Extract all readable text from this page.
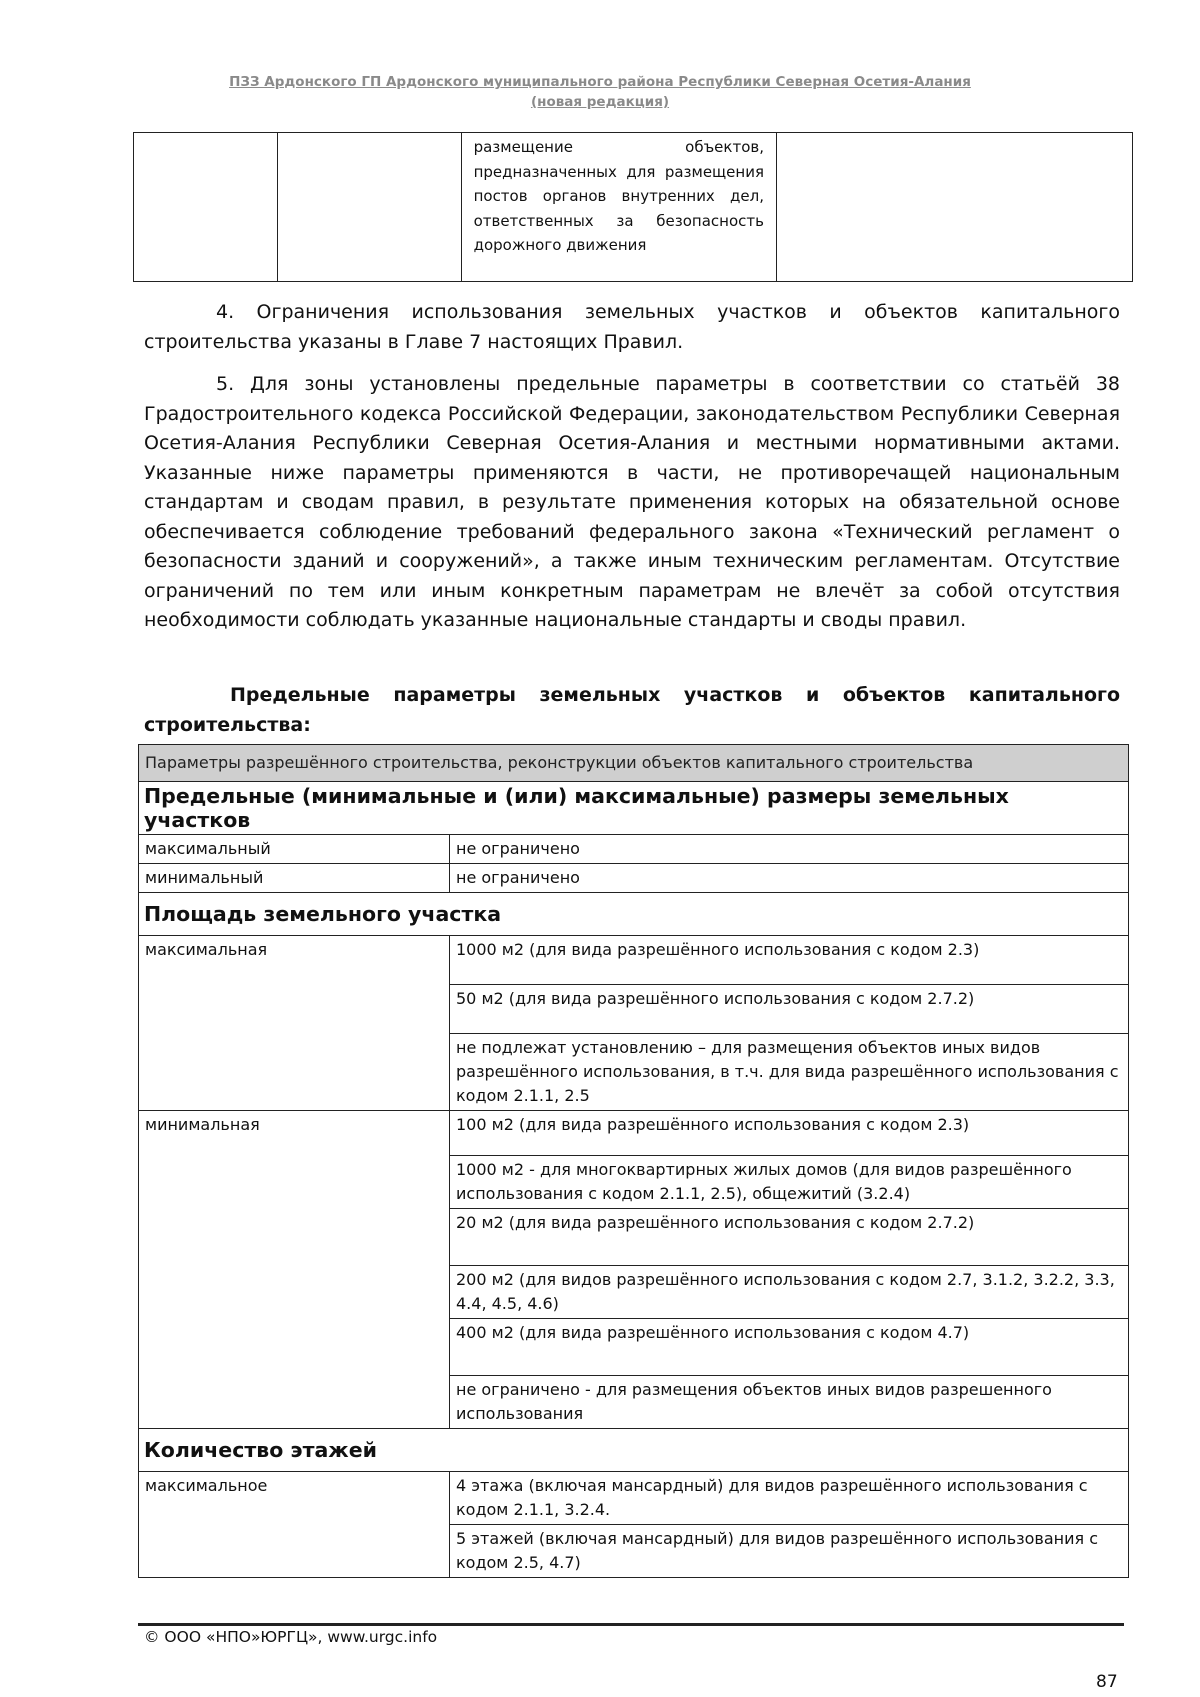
ПЗЗ Ардонского ГП Ардонского муниципального района Республики Северная Осетия-Алания
(новая редакция)

размещение объектов, предназначенных для размещения постов органов внутренних дел, ответственных за безопасность дорожного движения

4. Ограничения использования земельных участков и объектов капитального строительства указаны в Главе 7 настоящих Правил.

5. Для зоны установлены предельные параметры в соответствии со статьёй 38 Градостроительного кодекса Российской Федерации, законодательством Республики Северная Осетия-Алания Республики Северная Осетия-Алания и местными нормативными актами. Указанные ниже параметры применяются в части, не противоречащей национальным стандартам и сводам правил, в результате применения которых на обязательной основе обеспечивается соблюдение требований федерального закона «Технический регламент о безопасности зданий и сооружений», а также иным техническим регламентам. Отсутствие ограничений по тем или иным конкретным параметрам не влечёт за собой отсутствия необходимости соблюдать указанные национальные стандарты и своды правил.

Предельные параметры земельных участков и объектов капитального строительства:

Параметры разрешённого строительства, реконструкции объектов капитального строительства	
Предельные (минимальные и (или) максимальные) размеры земельных участков	
максимальный	не ограничено
минимальный	не ограничено
Площадь земельного участка	
максимальная	1000 м2 (для вида разрешённого использования с кодом 2.3)
	50 м2 (для вида разрешённого использования с кодом 2.7.2)
	не подлежат установлению – для размещения объектов иных видов разрешённого использования, в т.ч. для вида разрешённого использования с кодом 2.1.1, 2.5
минимальная	100 м2 (для вида разрешённого использования с кодом 2.3)
	1000 м2 - для многоквартирных жилых домов (для видов разрешённого использования с кодом 2.1.1, 2.5), общежитий (3.2.4)
	20 м2 (для вида разрешённого использования с кодом 2.7.2)
	200 м2 (для видов разрешённого использования с кодом 2.7, 3.1.2, 3.2.2, 3.3, 4.4, 4.5, 4.6)
	400 м2 (для вида разрешённого использования с кодом 4.7)
	не ограничено - для размещения объектов иных видов разрешенного использования
Количество этажей	
максимальное	4 этажа (включая мансардный) для видов разрешённого использования с кодом 2.1.1, 3.2.4.
	5 этажей (включая мансардный) для видов разрешённого использования с кодом 2.5, 4.7)
© ООО «НПО»ЮРГЦ», www.urgc.info
87
